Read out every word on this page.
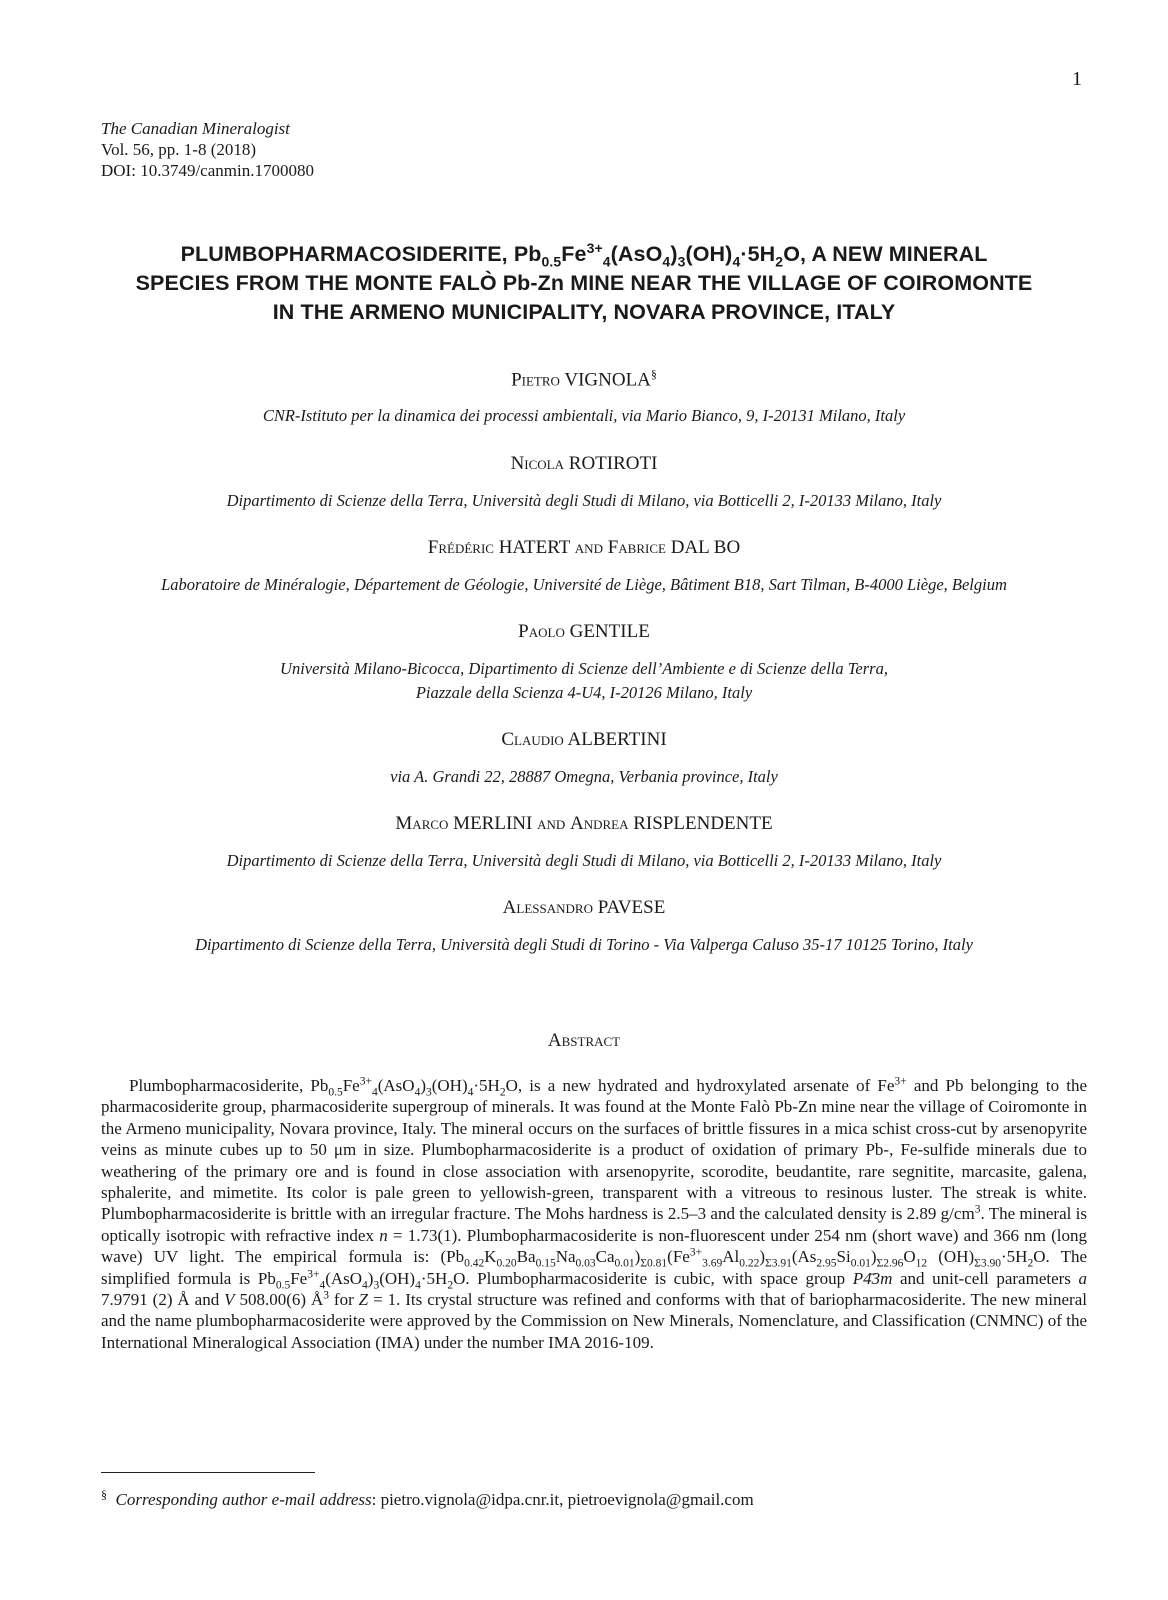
1
The Canadian Mineralogist
Vol. 56, pp. 1-8 (2018)
DOI: 10.3749/canmin.1700080
PLUMBOPHARMACOSIDERITE, $Pb_{0.5}Fe^{3+}_4(AsO_4)_3(OH)_4\cdot 5H_2O$, A NEW MINERAL
SPECIES FROM THE MONTE FALÒ Pb-Zn MINE NEAR THE VILLAGE OF COIROMONTE
IN THE ARMENO MUNICIPALITY, NOVARA PROVINCE, ITALY

Pietro VIGNOLA§

CNR-Istituto per la dinamica dei processi ambientali, via Mario Bianco, 9, I-20131 Milano, Italy

Nicola ROTIROTI

Dipartimento di Scienze della Terra, Università degli Studi di Milano, via Botticelli 2, I-20133 Milano, Italy

Frédéric HATERT and Fabrice DAL BO

Laboratoire de Minéralogie, Département de Géologie, Université de Liège, Bâtiment B18, Sart Tilman, B-4000 Liège, Belgium

Paolo GENTILE

Università Milano-Bicocca, Dipartimento di Scienze dell’Ambiente e di Scienze della Terra,

Piazzale della Scienza 4-U4, I-20126 Milano, Italy

Claudio ALBERTINI

via A. Grandi 22, 28887 Omegna, Verbania province, Italy

Marco MERLINI and Andrea RISPLENDENTE

Dipartimento di Scienze della Terra, Università degli Studi di Milano, via Botticelli 2, I-20133 Milano, Italy

Alessandro PAVESE

Dipartimento di Scienze della Terra, Università degli Studi di Torino - Via Valperga Caluso 35-17 10125 Torino, Italy

Abstract

Plumbopharmacosiderite, $Pb_{0.5}Fe^{3+}_4(AsO_4)_3(OH)_4\cdot 5H_2O$, is a new hydrated and hydroxylated arsenate of $Fe^{3+}$ and Pb belonging to the pharmacosiderite group, pharmacosiderite supergroup of minerals. It was found at the Monte Falò Pb-Zn mine near the village of Coiromonte in the Armeno municipality, Novara province, Italy. The mineral occurs on the surfaces of brittle fissures in a mica schist cross-cut by arsenopyrite veins as minute cubes up to 50 μm in size. Plumbopharmacosiderite is a product of oxidation of primary Pb-, Fe-sulfide minerals due to weathering of the primary ore and is found in close association with arsenopyrite, scorodite, beudantite, rare segnitite, marcasite, galena, sphalerite, and mimetite. Its color is pale green to yellowish-green, transparent with a vitreous to resinous luster. The streak is white. Plumbopharmacosiderite is brittle with an irregular fracture. The Mohs hardness is 2.5–3 and the calculated density is 2.89 $g/cm^3$. The mineral is optically isotropic with refractive index n = 1.73(1). Plumbopharmacosiderite is non-fluorescent under 254 nm (short wave) and 366 nm (long wave) UV light. The empirical formula is: $(Pb_{0.42}K_{0.20}Ba_{0.15}Na_{0.03}Ca_{0.01})_{\Sigma 0.81}(Fe^{3+}_{3.69}Al_{0.22})_{\Sigma 3.91}(As_{2.95}Si_{0.01})_{\Sigma 2.96}O_{12}$ $(OH)_{\Sigma 3.90}\cdot 5H_2O$. The simplified formula is $Pb_{0.5}Fe^{3+}_4(AsO_4)_3(OH)_4\cdot 5H_2O$. Plumbopharmacosiderite is cubic, with space group P4̄3m and unit-cell parameters a 7.9791 (2) Å and V 508.00(6) $Å^3$ for Z = 1. Its crystal structure was refined and conforms with that of bariopharmacosiderite. The new mineral and the name plumbopharmacosiderite were approved by the Commission on New Minerals, Nomenclature, and Classification (CNMNC) of the International Mineralogical Association (IMA) under the number IMA 2016-109.

§ Corresponding author e-mail address: pietro.vignola@idpa.cnr.it, pietroevignola@gmail.com
